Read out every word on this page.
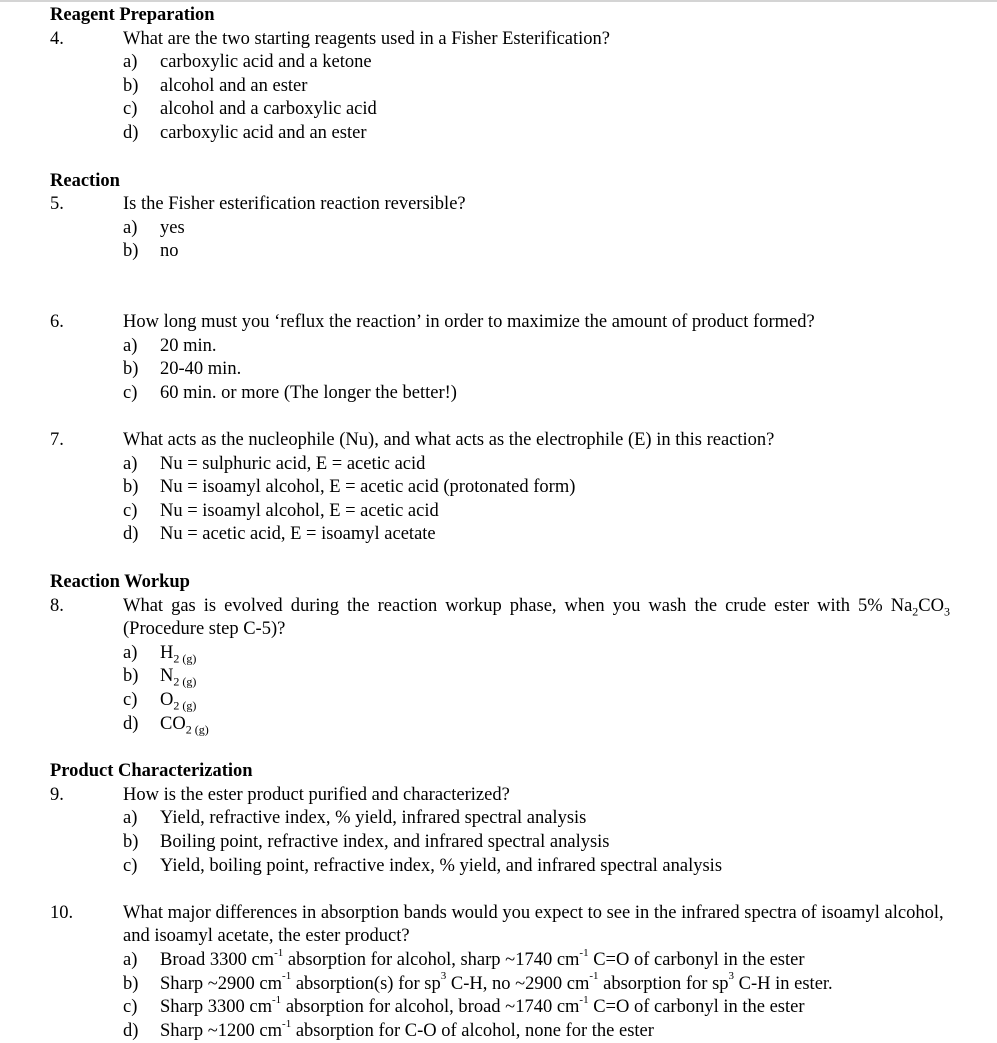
Reagent Preparation
4.	What are the two starting reagents used in a Fisher Esterification?

a)	carboxylic acid and a ketone
b)	alcohol and an ester
c)	alcohol and a carboxylic acid
d)	carboxylic acid and an ester
Reaction
5.	Is the Fisher esterification reaction reversible?

a)	yes
b)	no
6.	How long must you ‘reflux the reaction’ in order to maximize the amount of product formed?

a)	20 min.
b)	20-40 min.
c)	60 min. or more (The longer the better!)
7.	What acts as the nucleophile (Nu), and what acts as the electrophile (E) in this reaction?

a)	Nu = sulphuric acid, E = acetic acid
b)	Nu = isoamyl alcohol, E = acetic acid (protonated form)
c)	Nu = isoamyl alcohol, E = acetic acid
d)	Nu = acetic acid, E = isoamyl acetate
Reaction Workup
8.	What gas is evolved during the reaction workup phase, when you wash the crude ester with 5% $Na_2CO_3$ (Procedure step C-5)?

a)	$H_{2 (g)}$
b)	$N_{2 (g)}$
c)	$O_{2 (g)}$
d)	$CO_{2 (g)}$
Product Characterization
9.	How is the ester product purified and characterized?

a)	Yield, refractive index, % yield, infrared spectral analysis
b)	Boiling point, refractive index, and infrared spectral analysis
c)	Yield, boiling point, refractive index, % yield, and infrared spectral analysis
10.	What major differences in absorption bands would you expect to see in the infrared spectra of isoamyl alcohol, and isoamyl acetate, the ester product?

a)	Broad 3300 $cm^{-1}$ absorption for alcohol, sharp ~1740 $cm^{-1}$ C=O of carbonyl in the ester
b)	Sharp ~2900 $cm^{-1}$ absorption(s) for $sp^3$ C-H, no ~2900 $cm^{-1}$ absorption for $sp^3$ C-H in ester.
c)	Sharp 3300 $cm^{-1}$ absorption for alcohol, broad ~1740 $cm^{-1}$ C=O of carbonyl in the ester
d)	Sharp ~1200 $cm^{-1}$ absorption for C-O of alcohol, none for the ester
